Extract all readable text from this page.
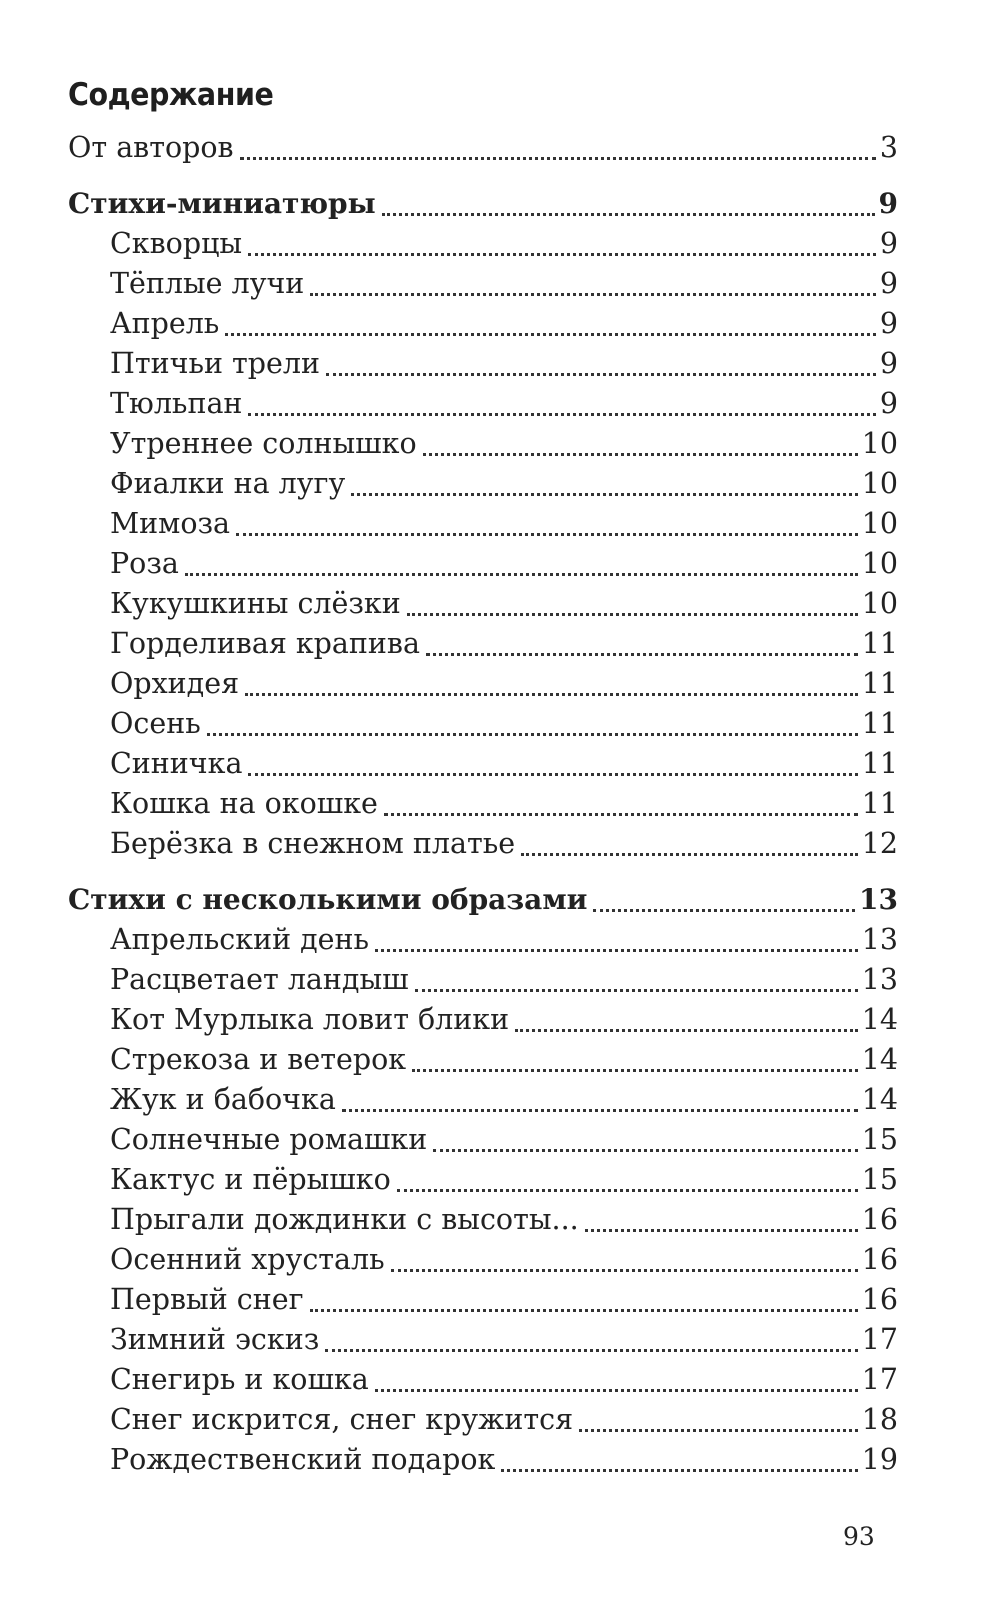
Содержание
От авторов	3
Стихи-миниатюры	9
Скворцы	9
Тёплые лучи	9
Апрель	9
Птичьи трели	9
Тюльпан	9
Утреннее солнышко	10
Фиалки на лугу	10
Мимоза	10
Роза	10
Кукушкины слёзки	10
Горделивая крапива	11
Орхидея	11
Осень	11
Синичка	11
Кошка на окошке	11
Берёзка в снежном платье	12
Стихи с несколькими образами	13
Апрельский день	13
Расцветает ландыш	13
Кот Мурлыка ловит блики	14
Стрекоза и ветерок	14
Жук и бабочка	14
Солнечные ромашки	15
Кактус и пёрышко	15
Прыгали дождинки с высоты...	16
Осенний хрусталь	16
Первый снег	16
Зимний эскиз	17
Снегирь и кошка	17
Снег искрится, снег кружится	18
Рождественский подарок	19
93
